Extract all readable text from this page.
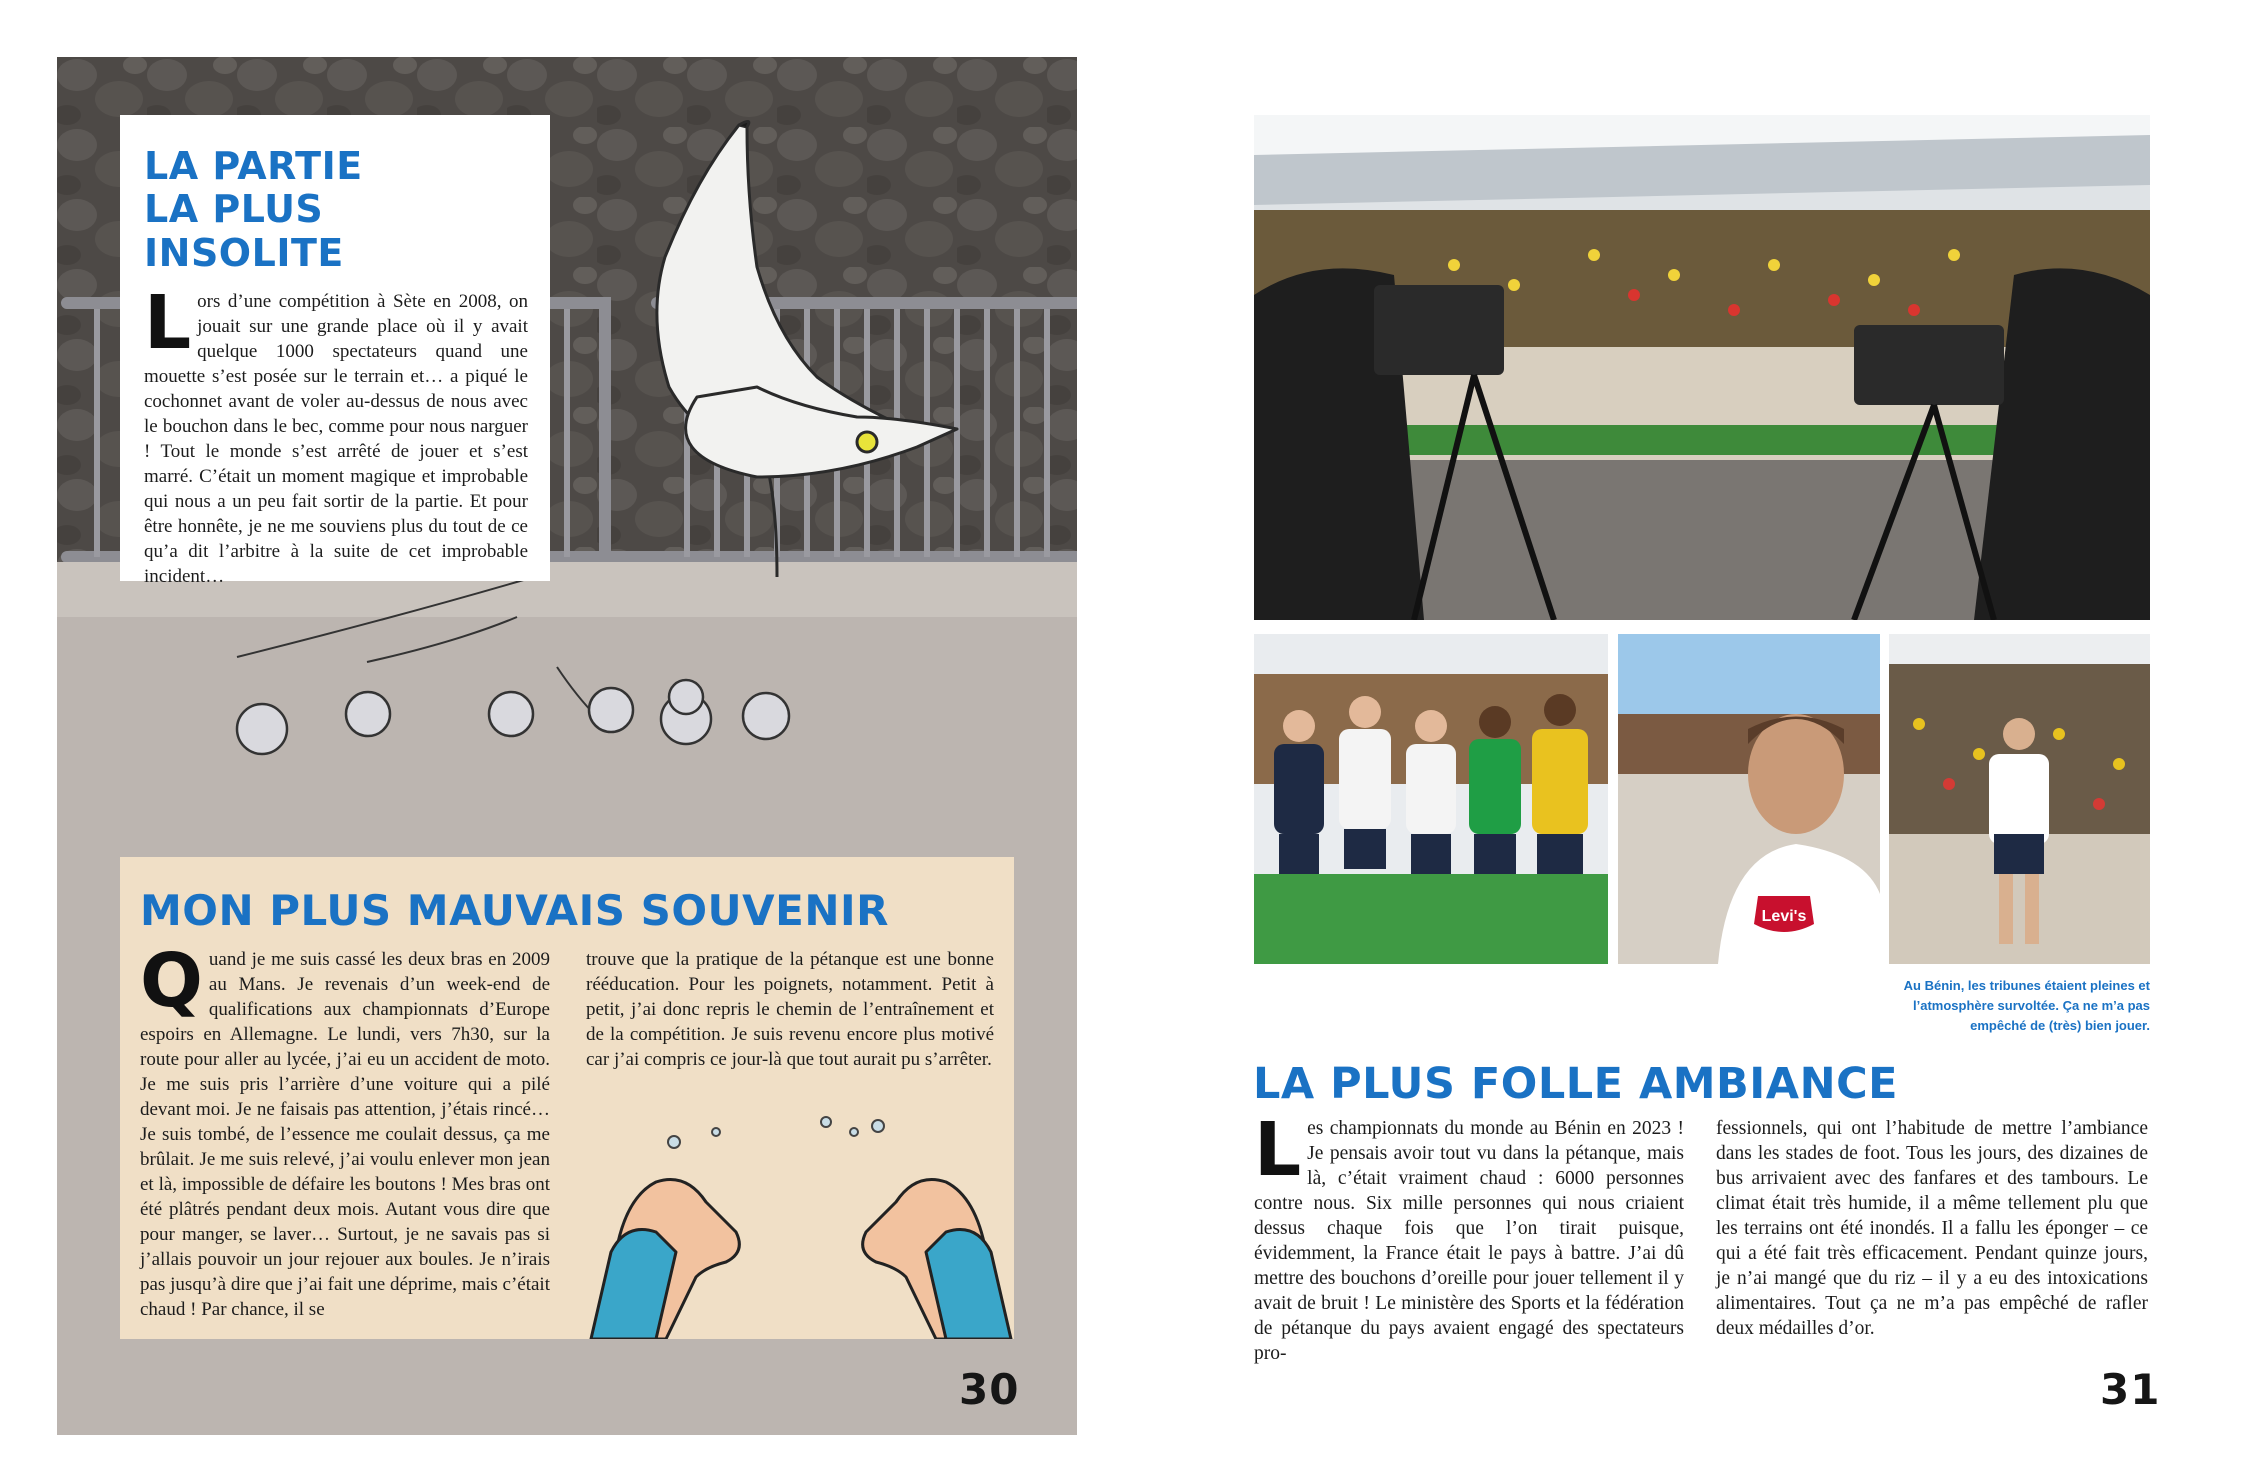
LA PARTIE
LA PLUS INSOLITE

Lors d’une compétition à Sète en 2008, on jouait sur une grande place où il y avait quelque 1000 spectateurs quand une mouette s’est posée sur le terrain et… a piqué le cochonnet avant de voler au-dessus de nous avec le bouchon dans le bec, comme pour nous narguer ! Tout le monde s’est arrêté de jouer et s’est marré. C’était un moment magique et improbable qui nous a un peu fait sortir de la partie. Et pour être honnête, je ne me souviens plus du tout de ce qu’a dit l’arbitre à la suite de cet improbable incident…

MON PLUS MAUVAIS SOUVENIR

Quand je me suis cassé les deux bras en 2009 au Mans. Je revenais d’un week-end de qualifications aux championnats d’Europe espoirs en Allemagne. Le lundi, vers 7h30, sur la route pour aller au lycée, j’ai eu un accident de moto. Je me suis pris l’arrière d’une voiture qui a pilé devant moi. Je ne faisais pas attention, j’étais rincé… Je suis tombé, de l’essence me coulait dessus, ça me brûlait. Je me suis relevé, j’ai voulu enlever mon jean et là, impossible de défaire les boutons ! Mes bras ont été plâtrés pendant deux mois. Autant vous dire que pour manger, se laver… Surtout, je ne savais pas si j’allais pouvoir un jour rejouer aux boules. Je n’irais pas jusqu’à dire que j’ai fait une déprime, mais c’était chaud ! Par chance, il se

trouve que la pratique de la pétanque est une bonne rééducation. Pour les poignets, notamment. Petit à petit, j’ai donc repris le chemin de l’entraînement et de la compétition. Je suis revenu encore plus motivé car j’ai compris ce jour-là que tout aurait pu s’arrêter.

30
Levi's
Au Bénin, les tribunes étaient pleines et l’atmosphère survoltée. Ça ne m’a pas empêché de (très) bien jouer.
LA PLUS FOLLE AMBIANCE

Les championnats du monde au Bénin en 2023 ! Je pensais avoir tout vu dans la pétanque, mais là, c’était vraiment chaud : 6000 personnes contre nous. Six mille personnes qui nous criaient dessus chaque fois que l’on tirait puisque, évidemment, la France était le pays à battre. J’ai dû mettre des bouchons d’oreille pour jouer tellement il y avait de bruit ! Le ministère des Sports et la fédération de pétanque du pays avaient engagé des spectateurs pro-

fessionnels, qui ont l’habitude de mettre l’ambiance dans les stades de foot. Tous les jours, des dizaines de bus arrivaient avec des fanfares et des tambours. Le climat était très humide, il a même tellement plu que les terrains ont été inondés. Il a fallu les éponger – ce qui a été fait très efficacement. Pendant quinze jours, je n’ai mangé que du riz – il y a eu des intoxications alimentaires. Tout ça ne m’a pas empêché de rafler deux médailles d’or.

31
